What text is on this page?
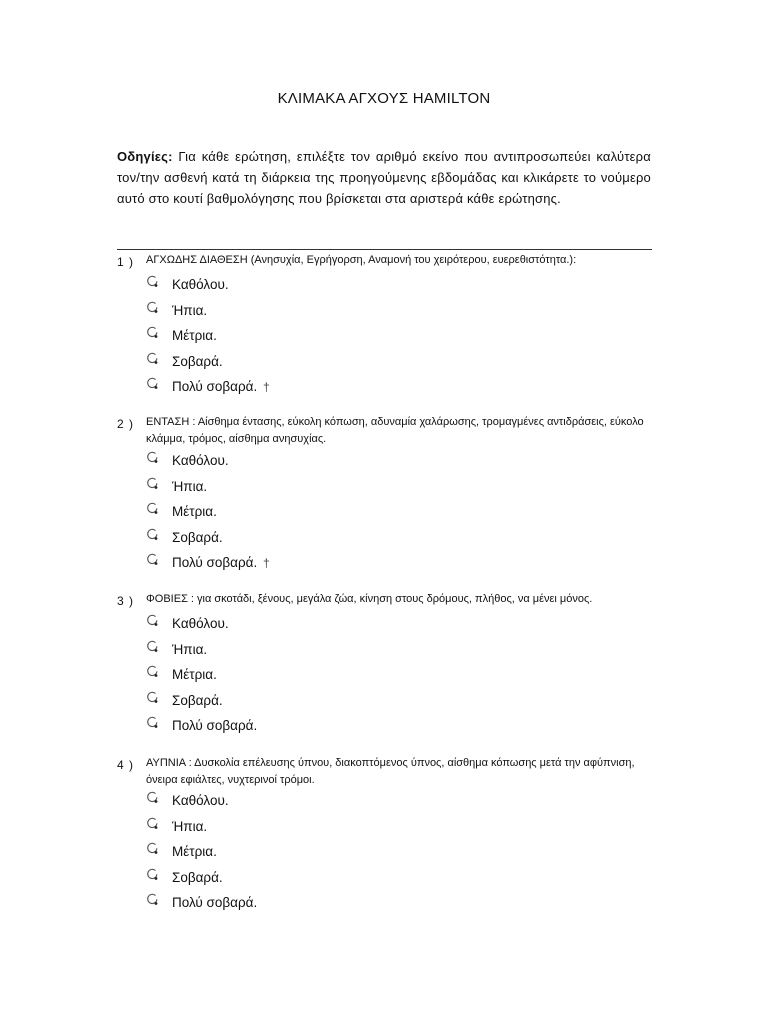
ΚΛΙΜΑΚΑ ΑΓΧΟΥΣ HAMILTON
Οδηγίες: Για κάθε ερώτηση, επιλέξτε τον αριθμό εκείνο που αντιπροσωπεύει καλύτερα τον/την ασθενή κατά τη διάρκεια της προηγούμενης εβδομάδας και κλικάρετε το νούμερο αυτό στο κουτί βαθμολόγησης που βρίσκεται στα αριστερά κάθε ερώτησης.
1 ) ΑΓΧΩΔΗΣ ΔΙΑΘΕΣΗ (Ανησυχία, Εγρήγορση, Αναμονή του χειρότερου, ευερεθιστότητα.):
Καθόλου.
Ήπια.
Μέτρια.
Σοβαρά.
Πολύ σοβαρά. †
2 ) ΕΝΤΑΣΗ : Αίσθημα έντασης, εύκολη κόπωση, αδυναμία χαλάρωσης, τρομαγμένες αντιδράσεις, εύκολο κλάμμα, τρόμος, αίσθημα ανησυχίας.
Καθόλου.
Ήπια.
Μέτρια.
Σοβαρά.
Πολύ σοβαρά. †
3 ) ΦΟΒΙΕΣ : για σκοτάδι, ξένους, μεγάλα ζώα, κίνηση στους δρόμους, πλήθος, να μένει μόνος.
Καθόλου.
Ήπια.
Μέτρια.
Σοβαρά.
Πολύ σοβαρά.
4 ) ΑΥΠΝΙΑ : Δυσκολία επέλευσης ύπνου, διακοπτόμενος ύπνος, αίσθημα κόπωσης μετά την αφύπνιση, όνειρα εφιάλτες, νυχτερινοί τρόμοι.
Καθόλου.
Ήπια.
Μέτρια.
Σοβαρά.
Πολύ σοβαρά.
